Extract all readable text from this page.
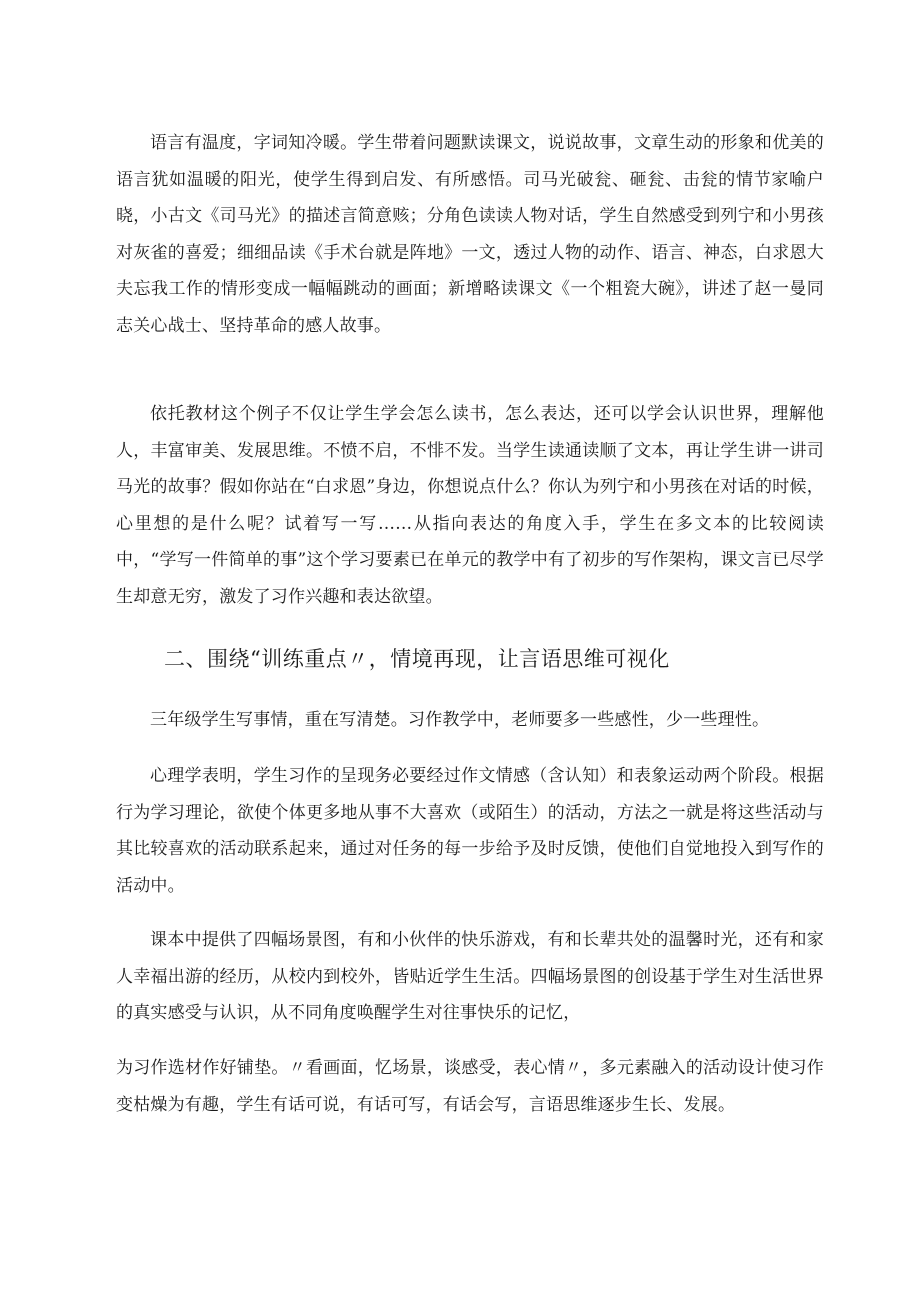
语言有温度，字词知冷暖。学生带着问题默读课文，说说故事，文章生动的形象和优美的语言犹如温暖的阳光，使学生得到启发、有所感悟。司马光破瓮、砸瓮、击瓮的情节家喻户晓，小古文《司马光》的描述言简意赅；分角色读读人物对话，学生自然感受到列宁和小男孩对灰雀的喜爱；细细品读《手术台就是阵地》一文，透过人物的动作、语言、神态，白求恩大夫忘我工作的情形变成一幅幅跳动的画面；新增略读课文《一个粗瓷大碗》，讲述了赵一曼同志关心战士、坚持革命的感人故事。

依托教材这个例子不仅让学生学会怎么读书，怎么表达，还可以学会认识世界，理解他人，丰富审美、发展思维。不愤不启，不悱不发。当学生读通读顺了文本，再让学生讲一讲司马光的故事？假如你站在“白求恩”身边，你想说点什么？你认为列宁和小男孩在对话的时候，心里想的是什么呢？试着写一写……从指向表达的角度入手，学生在多文本的比较阅读中，“学写一件简单的事”这个学习要素已在单元的教学中有了初步的写作架构，课文言已尽学生却意无穷，激发了习作兴趣和表达欲望。

二、围绕“训练重点〃，情境再现，让言语思维可视化

三年级学生写事情，重在写清楚。习作教学中，老师要多一些感性，少一些理性。

心理学表明，学生习作的呈现务必要经过作文情感（含认知）和表象运动两个阶段。根据行为学习理论，欲使个体更多地从事不大喜欢（或陌生）的活动，方法之一就是将这些活动与其比较喜欢的活动联系起来，通过对任务的每一步给予及时反馈，使他们自觉地投入到写作的活动中。

课本中提供了四幅场景图，有和小伙伴的快乐游戏，有和长辈共处的温馨时光，还有和家人幸福出游的经历，从校内到校外，皆贴近学生生活。四幅场景图的创设基于学生对生活世界的真实感受与认识，从不同角度唤醒学生对往事快乐的记忆，

为习作选材作好铺垫。〃看画面，忆场景，谈感受，表心情〃，多元素融入的活动设计使习作变枯燥为有趣，学生有话可说，有话可写，有话会写，言语思维逐步生长、发展。
